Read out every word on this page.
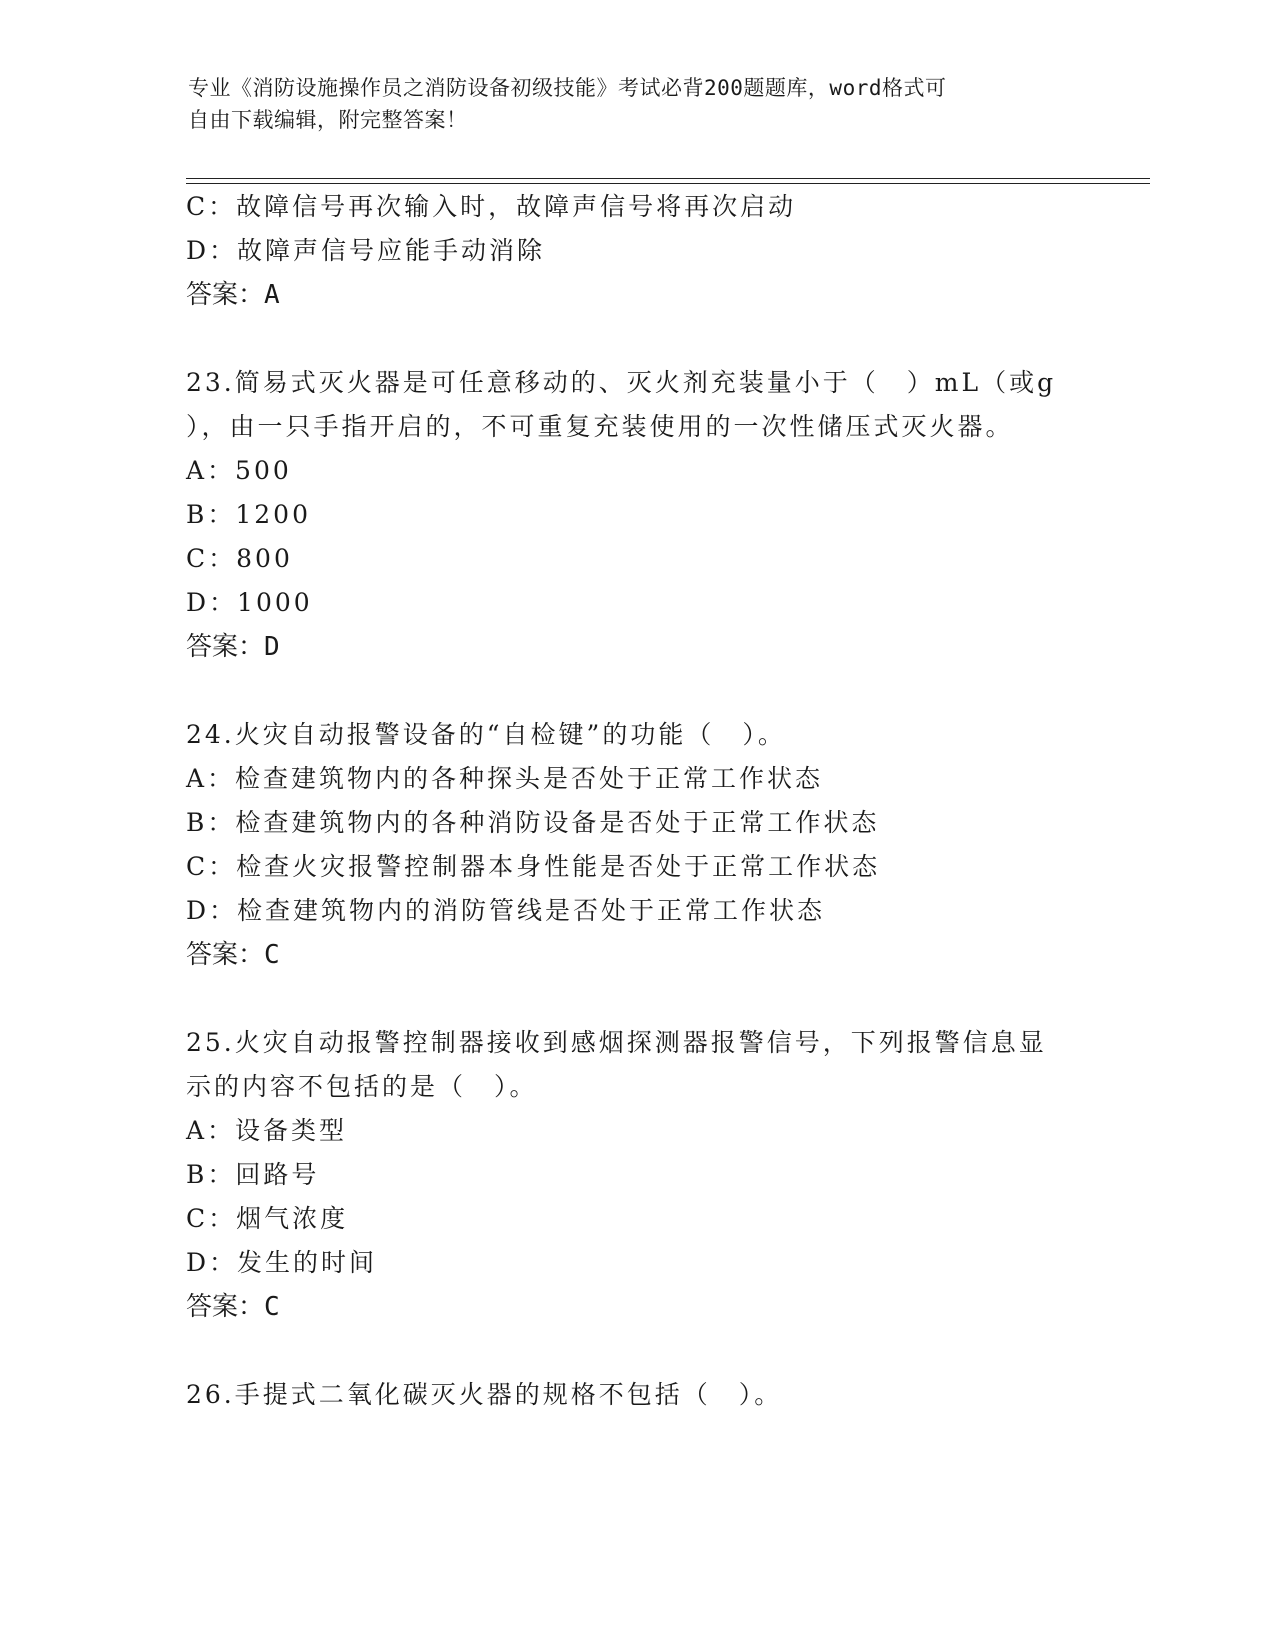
专业《消防设施操作员之消防设备初级技能》考试必背200题题库，word格式可
自由下载编辑，附完整答案！
C：故障信号再次输入时，故障声信号将再次启动
D：故障声信号应能手动消除
答案：A
23.简易式灭火器是可任意移动的、灭火剂充装量小于（　）mL（或g
），由一只手指开启的，不可重复充装使用的一次性储压式灭火器。
A：500
B：1200
C：800
D：1000
答案：D
24.火灾自动报警设备的“自检键”的功能（　）。
A：检查建筑物内的各种探头是否处于正常工作状态
B：检查建筑物内的各种消防设备是否处于正常工作状态
C：检查火灾报警控制器本身性能是否处于正常工作状态
D：检查建筑物内的消防管线是否处于正常工作状态
答案：C
25.火灾自动报警控制器接收到感烟探测器报警信号，下列报警信息显
示的内容不包括的是（　）。
A：设备类型
B：回路号
C：烟气浓度
D：发生的时间
答案：C
26.手提式二氧化碳灭火器的规格不包括（　）。
